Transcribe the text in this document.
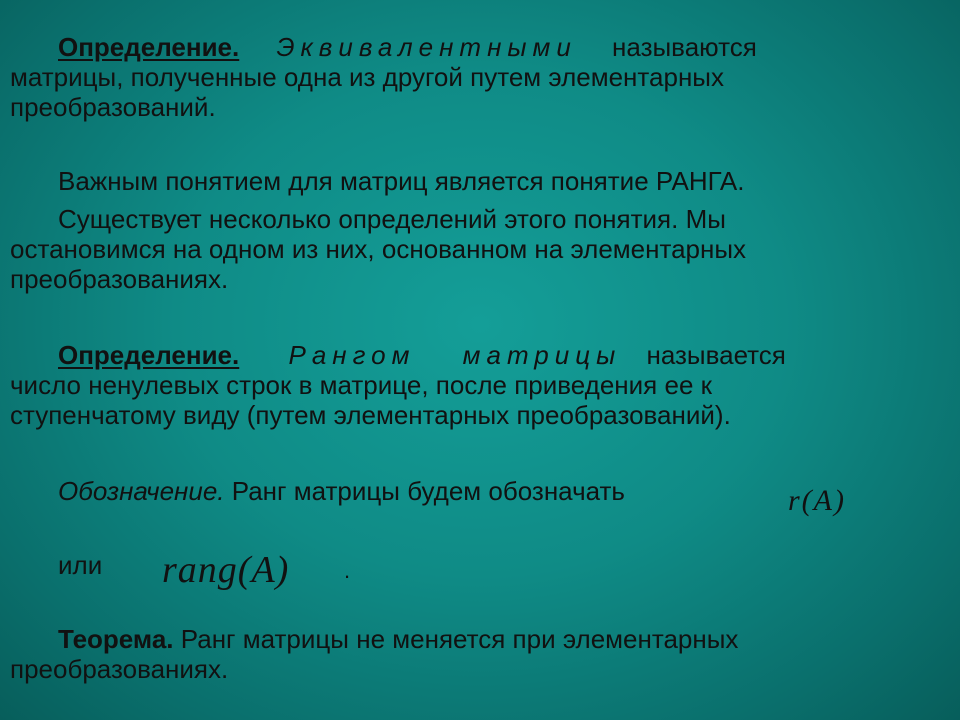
Определение. Эквивалентными называются

матрицы, полученные одна из другой путем элементарных

преобразований.

Важным понятием для матриц является понятие РАНГА.

Существует несколько определений этого понятия. Мы

остановимся на одном из них, основанном на элементарных

преобразованиях.

Определение. Рангом матрицы называется

число ненулевых строк в матрице, после приведения ее к

ступенчатому виду (путем элементарных преобразований).

Обозначение. Ранг матрицы будем обозначать	r(A)

или rang(A) .

Теорема. Ранг матрицы не меняется при элементарных

преобразованиях.
